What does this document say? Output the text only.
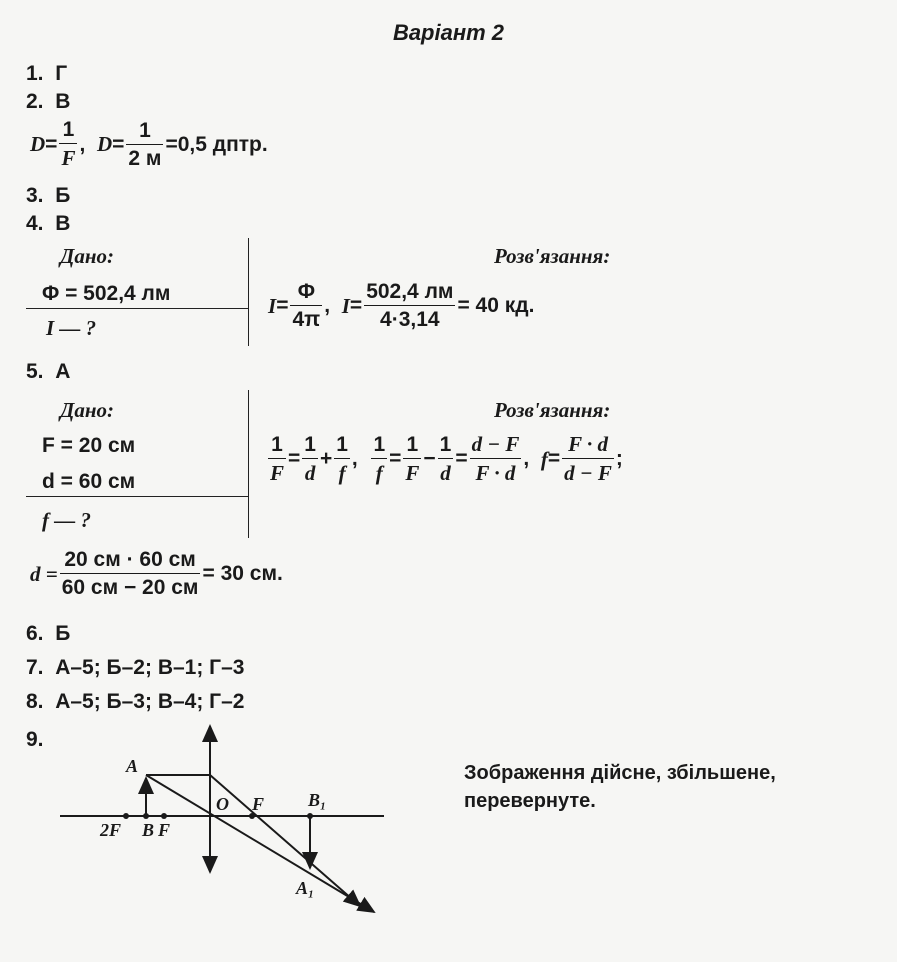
Варіант 2
1. Г
2. В
$D = \frac{1}{F}$ ,
$D = \frac{1}{2 м} =0,5$ дптр.
3. Б
4. В
Дано:	Розв'язання:
Φ = 502,4 лм
I — ?
$I = \frac{\Phi}{4\pi}$ ,
$I = \frac{502,4 лм}{4\cdot 3,14} = 40$ кд.
5. А
Дано:	Розв'язання:
F = 20 см
d = 60 см
f — ?
$\frac{1}{F} = \frac{1}{d} + \frac{1}{f}$ ,
$\frac{1}{f} = \frac{1}{F} - \frac{1}{d} = \frac{d - F}{F \cdot d}$ ,
$f = \frac{F \cdot d}{d - F}$ ;
$d = \frac{20 см \cdot 60 см}{60 см - 20 см} = 30$ см.
6. Б
7. А–5; Б–2; В–1; Г–3
8. А–5; Б–3; В–4; Г–2
9.
A
O F B₁
2F B F
A₁
Зображення дійсне, збільшене,
перевернуте.
